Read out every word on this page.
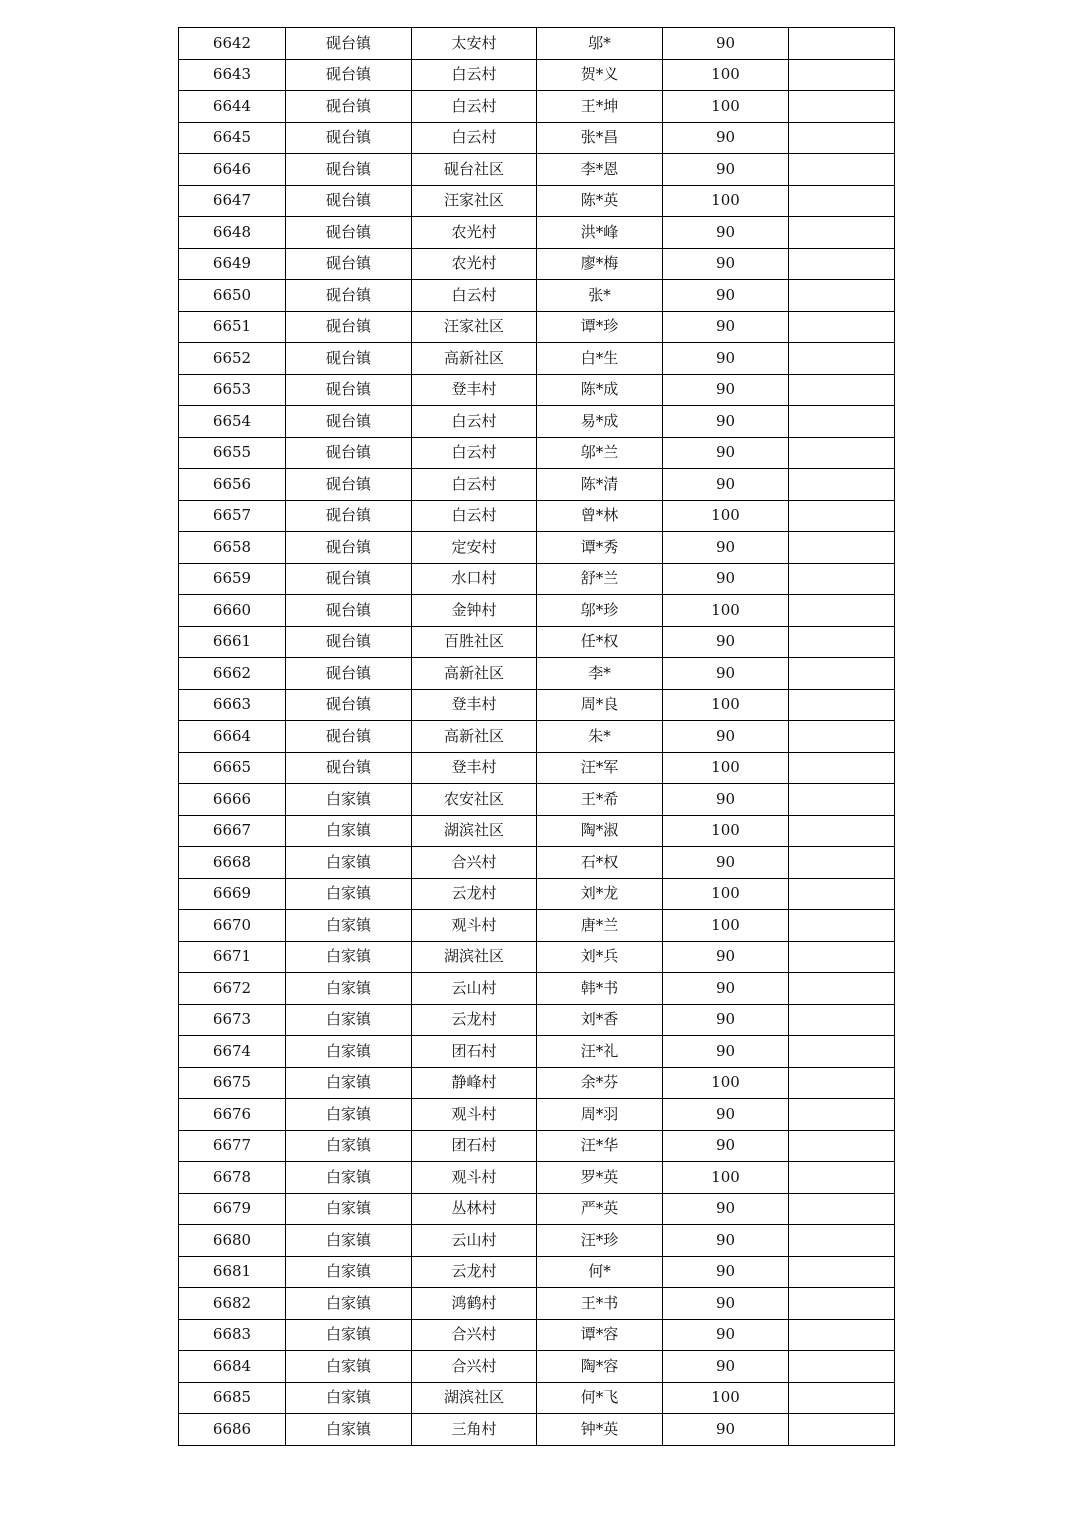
6642	砚台镇	太安村	邬*	90	
6643	砚台镇	白云村	贺*义	100	
6644	砚台镇	白云村	王*坤	100	
6645	砚台镇	白云村	张*昌	90	
6646	砚台镇	砚台社区	李*恩	90	
6647	砚台镇	汪家社区	陈*英	100	
6648	砚台镇	农光村	洪*峰	90	
6649	砚台镇	农光村	廖*梅	90	
6650	砚台镇	白云村	张*	90	
6651	砚台镇	汪家社区	谭*珍	90	
6652	砚台镇	高新社区	白*生	90	
6653	砚台镇	登丰村	陈*成	90	
6654	砚台镇	白云村	易*成	90	
6655	砚台镇	白云村	邬*兰	90	
6656	砚台镇	白云村	陈*清	90	
6657	砚台镇	白云村	曾*林	100	
6658	砚台镇	定安村	谭*秀	90	
6659	砚台镇	水口村	舒*兰	90	
6660	砚台镇	金钟村	邬*珍	100	
6661	砚台镇	百胜社区	任*权	90	
6662	砚台镇	高新社区	李*	90	
6663	砚台镇	登丰村	周*良	100	
6664	砚台镇	高新社区	朱*	90	
6665	砚台镇	登丰村	汪*军	100	
6666	白家镇	农安社区	王*希	90	
6667	白家镇	湖滨社区	陶*淑	100	
6668	白家镇	合兴村	石*权	90	
6669	白家镇	云龙村	刘*龙	100	
6670	白家镇	观斗村	唐*兰	100	
6671	白家镇	湖滨社区	刘*兵	90	
6672	白家镇	云山村	韩*书	90	
6673	白家镇	云龙村	刘*香	90	
6674	白家镇	团石村	汪*礼	90	
6675	白家镇	静峰村	余*芬	100	
6676	白家镇	观斗村	周*羽	90	
6677	白家镇	团石村	汪*华	90	
6678	白家镇	观斗村	罗*英	100	
6679	白家镇	丛林村	严*英	90	
6680	白家镇	云山村	汪*珍	90	
6681	白家镇	云龙村	何*	90	
6682	白家镇	鸿鹤村	王*书	90	
6683	白家镇	合兴村	谭*容	90	
6684	白家镇	合兴村	陶*容	90	
6685	白家镇	湖滨社区	何*飞	100	
6686	白家镇	三角村	钟*英	90	
